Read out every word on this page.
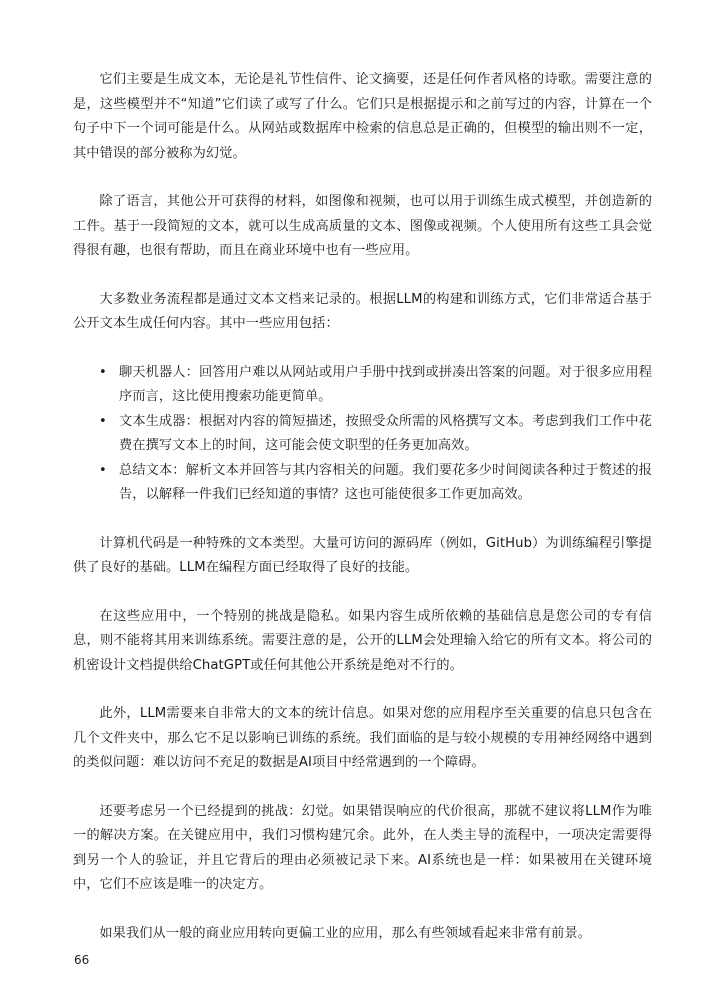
它们主要是生成文本，无论是礼节性信件、论文摘要，还是任何作者风格的诗歌。需要注意的是，这些模型并不“知道”它们读了或写了什么。它们只是根据提示和之前写过的内容，计算在一个句子中下一个词可能是什么。从网站或数据库中检索的信息总是正确的，但模型的输出则不一定，其中错误的部分被称为幻觉。

除了语言，其他公开可获得的材料，如图像和视频，也可以用于训练生成式模型，并创造新的工件。基于一段简短的文本，就可以生成高质量的文本、图像或视频。个人使用所有这些工具会觉得很有趣，也很有帮助，而且在商业环境中也有一些应用。

大多数业务流程都是通过文本文档来记录的。根据LLM的构建和训练方式，它们非常适合基于公开文本生成任何内容。其中一些应用包括：

• 聊天机器人：回答用户难以从网站或用户手册中找到或拼凑出答案的问题。对于很多应用程序而言，这比使用搜索功能更简单。
• 文本生成器：根据对内容的简短描述，按照受众所需的风格撰写文本。考虑到我们工作中花费在撰写文本上的时间，这可能会使文职型的任务更加高效。
• 总结文本：解析文本并回答与其内容相关的问题。我们要花多少时间阅读各种过于赘述的报告，以解释一件我们已经知道的事情？这也可能使很多工作更加高效。

计算机代码是一种特殊的文本类型。大量可访问的源码库（例如，GitHub）为训练编程引擎提供了良好的基础。LLM在编程方面已经取得了良好的技能。

在这些应用中，一个特别的挑战是隐私。如果内容生成所依赖的基础信息是您公司的专有信息，则不能将其用来训练系统。需要注意的是，公开的LLM会处理输入给它的所有文本。将公司的机密设计文档提供给ChatGPT或任何其他公开系统是绝对不行的。

此外，LLM需要来自非常大的文本的统计信息。如果对您的应用程序至关重要的信息只包含在几个文件夹中，那么它不足以影响已训练的系统。我们面临的是与较小规模的专用神经网络中遇到的类似问题：难以访问不充足的数据是AI项目中经常遇到的一个障碍。

还要考虑另一个已经提到的挑战：幻觉。如果错误响应的代价很高，那就不建议将LLM作为唯一的解决方案。在关键应用中，我们习惯构建冗余。此外，在人类主导的流程中，一项决定需要得到另一个人的验证，并且它背后的理由必须被记录下来。AI系统也是一样：如果被用在关键环境中，它们不应该是唯一的决定方。

如果我们从一般的商业应用转向更偏工业的应用，那么有些领域看起来非常有前景。

66
